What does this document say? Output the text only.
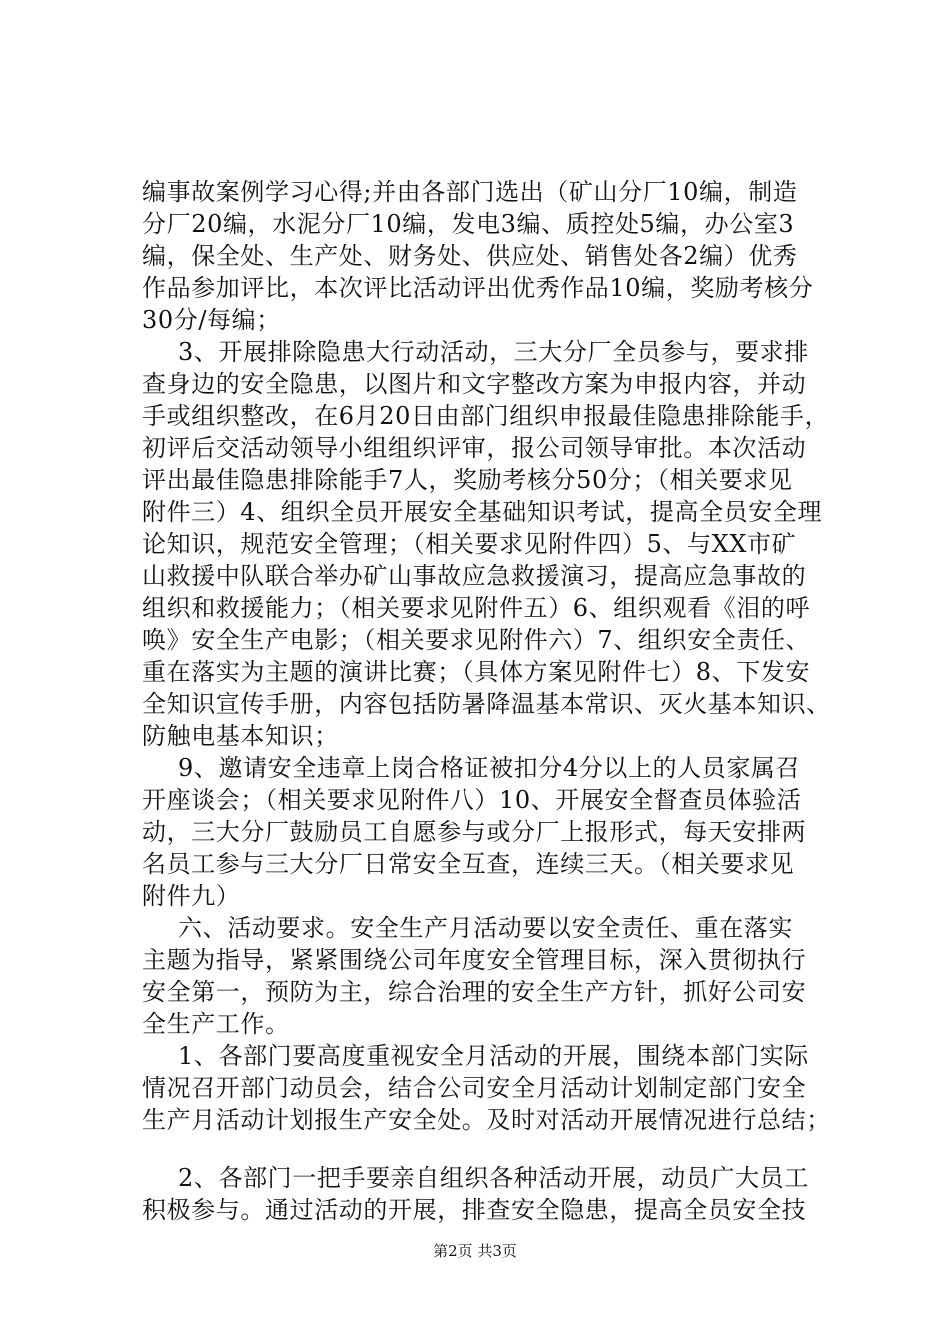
编事故案例学习心得;并由各部门选出（矿山分厂10编，制造
分厂20编，水泥分厂10编，发电3编、质控处5编，办公室3
编，保全处、生产处、财务处、供应处、销售处各2编）优秀
作品参加评比，本次评比活动评出优秀作品10编，奖励考核分
30分/每编；
3、开展排除隐患大行动活动，三大分厂全员参与，要求排
查身边的安全隐患，以图片和文字整改方案为申报内容，并动
手或组织整改，在6月20日由部门组织申报最佳隐患排除能手，
初评后交活动领导小组组织评审，报公司领导审批。本次活动
评出最佳隐患排除能手7人，奖励考核分50分；（相关要求见
附件三）4、组织全员开展安全基础知识考试，提高全员安全理
论知识，规范安全管理；（相关要求见附件四）5、与XX市矿
山救援中队联合举办矿山事故应急救援演习，提高应急事故的
组织和救援能力；（相关要求见附件五）6、组织观看《泪的呼
唤》安全生产电影；（相关要求见附件六）7、组织安全责任、
重在落实为主题的演讲比赛；（具体方案见附件七）8、下发安
全知识宣传手册，内容包括防暑降温基本常识、灭火基本知识、
防触电基本知识；
9、邀请安全违章上岗合格证被扣分4分以上的人员家属召
开座谈会；（相关要求见附件八）10、开展安全督查员体验活
动，三大分厂鼓励员工自愿参与或分厂上报形式，每天安排两
名员工参与三大分厂日常安全互查，连续三天。（相关要求见
附件九）
六、活动要求。安全生产月活动要以安全责任、重在落实
主题为指导，紧紧围绕公司年度安全管理目标，深入贯彻执行
安全第一，预防为主，综合治理的安全生产方针，抓好公司安
全生产工作。
1、各部门要高度重视安全月活动的开展，围绕本部门实际
情况召开部门动员会，结合公司安全月活动计划制定部门安全
生产月活动计划报生产安全处。及时对活动开展情况进行总结；
2、各部门一把手要亲自组织各种活动开展，动员广大员工
积极参与。通过活动的开展，排查安全隐患，提高全员安全技
第2页 共3页
